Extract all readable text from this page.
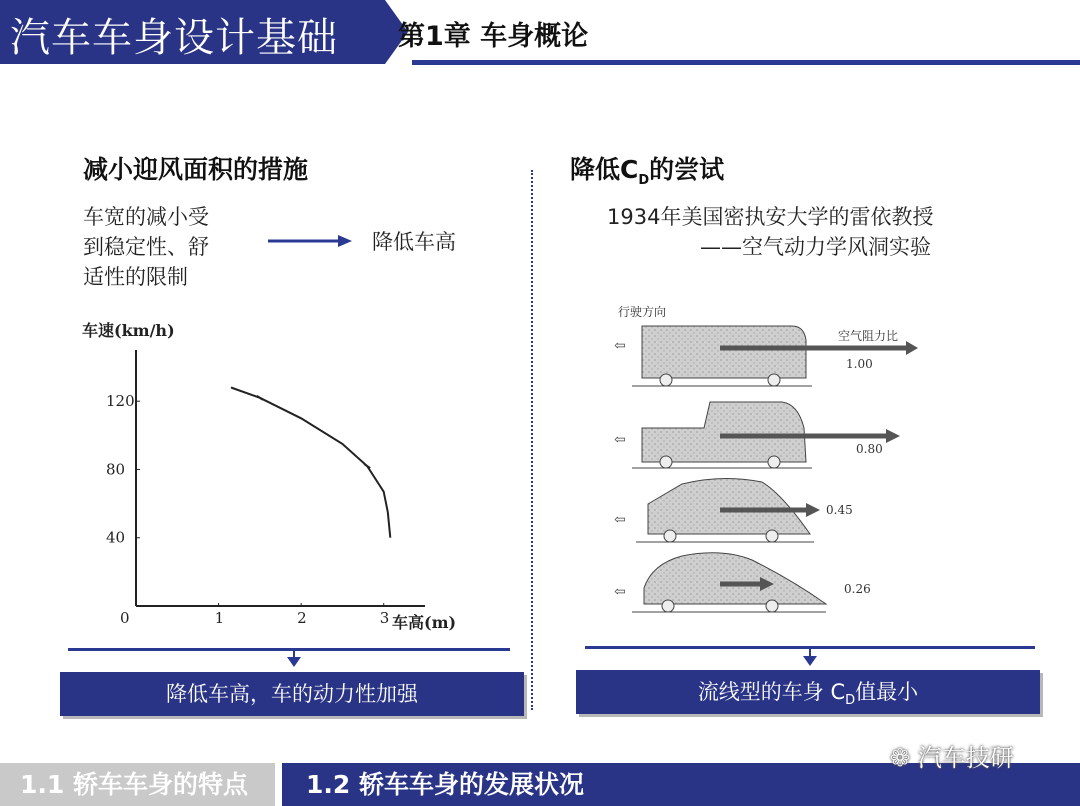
汽车车身设计基础 第1章 车身概论
减小迎风面积的措施
车宽的减小受
到稳定性、舒
适性的限制
降低车高
车速(km/h)
车高(m)
0	1	2	3
40
80
120
降低车高，车的动力性加强
降低$C_D$的尝试
1934年美国密执安大学的雷依教授
——空气动力学风洞实验
行驶方向
空气阻力比
⇦
1.00
⇦
0.80
⇦
0.45
⇦	0.26
流线型的车身 $C_D$值最小
1.1 轿车车身的特点	1.2 轿车车身的发展状况
❁ 汽车技研
